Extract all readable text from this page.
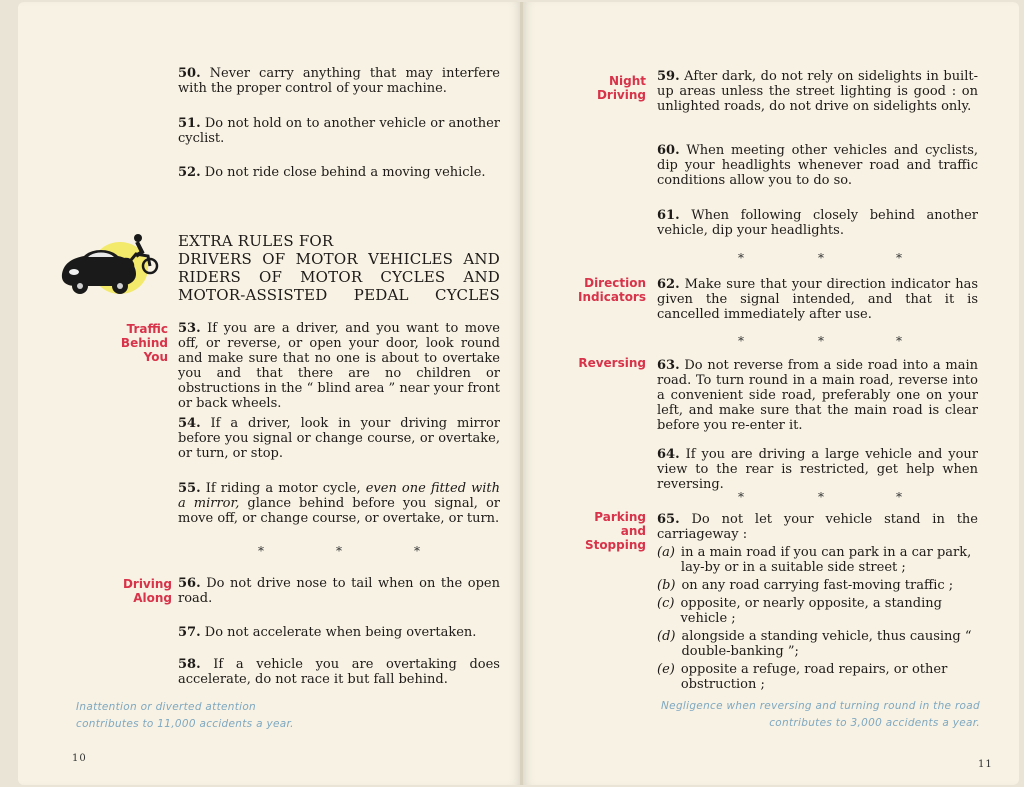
50. Never carry anything that may interfere with the proper control of your machine.
51. Do not hold on to another vehicle or another cyclist.
52. Do not ride close behind a moving vehicle.
EXTRA RULES FOR
DRIVERS OF MOTOR VEHICLES AND
RIDERS OF MOTOR CYCLES AND
MOTOR-ASSISTED PEDAL CYCLES
Traffic
Behind
You
53. If you are a driver, and you want to move off, or reverse, or open your door, look round and make sure that no one is about to overtake you and that there are no children or obstructions in the “ blind area ” near your front or back wheels.
54. If a driver, look in your driving mirror before you signal or change course, or overtake, or turn, or stop.
55. If riding a motor cycle, even one fitted with a mirror, glance behind before you signal, or move off, or change course, or overtake, or turn.
*	*	*
Driving
Along
56. Do not drive nose to tail when on the open road.
57. Do not accelerate when being overtaken.
58. If a vehicle you are overtaking does accelerate, do not race it but fall behind.
Inattention or diverted attention
contributes to 11,000 accidents a year.
10
Night
Driving
59. After dark, do not rely on sidelights in built-up areas unless the street lighting is good : on unlighted roads, do not drive on sidelights only.
60. When meeting other vehicles and cyclists, dip your headlights whenever road and traffic conditions allow you to do so.
61. When following closely behind another vehicle, dip your headlights.
*	*	*
Direction
Indicators
62. Make sure that your direction indicator has given the signal intended, and that it is cancelled immediately after use.
*	*	*
Reversing 63. Do not reverse from a side road into a main road. To turn round in a main road, reverse into a convenient side road, preferably one on your left, and make sure that the main road is clear before you re-enter it.
64. If you are driving a large vehicle and your view to the rear is restricted, get help when reversing.
*	*	*
Parking
and
Stopping

65. Do not let your vehicle stand in the carriageway :

(a) in a main road if you can park in a car park, lay-by or in a suitable side street ;
(b) on any road carrying fast-moving traffic ;
(c) opposite, or nearly opposite, a standing vehicle ;
(d) alongside a standing vehicle, thus causing “ double-banking ”;
(e) opposite a refuge, road repairs, or other obstruction ;
Negligence when reversing and turning round in the road
contributes to 3,000 accidents a year.
11
